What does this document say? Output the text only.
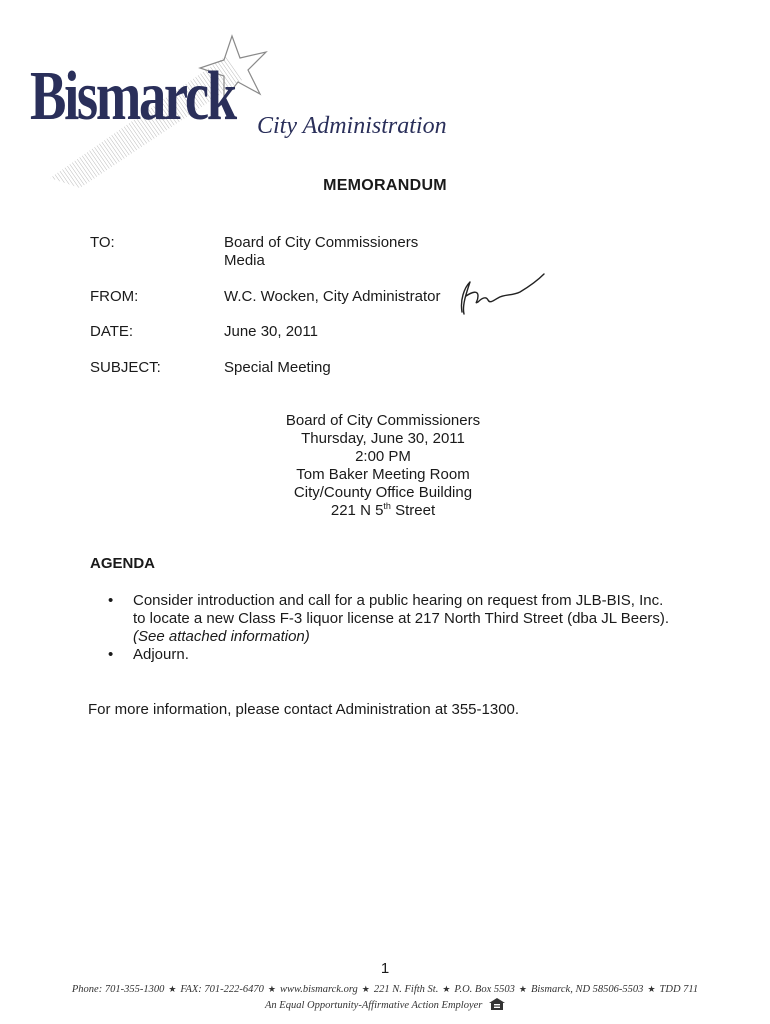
Bismarck City Administration
MEMORANDUM
TO:	Board of City Commissioners
Media
FROM:	W.C. Wocken, City Administrator
DATE:	June 30, 2011
SUBJECT:	Special Meeting
Board of City Commissioners
Thursday, June 30, 2011
2:00 PM
Tom Baker Meeting Room
City/County Office Building
221 N 5th Street
AGENDA
• Consider introduction and call for a public hearing on request from JLB-BIS, Inc.
to locate a new Class F-3 liquor license at 217 North Third Street (dba JL Beers).
(See attached information)
• Adjourn.
For more information, please contact Administration at 355-1300.
1
Phone: 701-355-1300 ★ FAX: 701-222-6470 ★ www.bismarck.org ★ 221 N. Fifth St. ★ P.O. Box 5503 ★ Bismarck, ND 58506-5503 ★ TDD 711
An Equal Opportunity-Affirmative Action Employer
